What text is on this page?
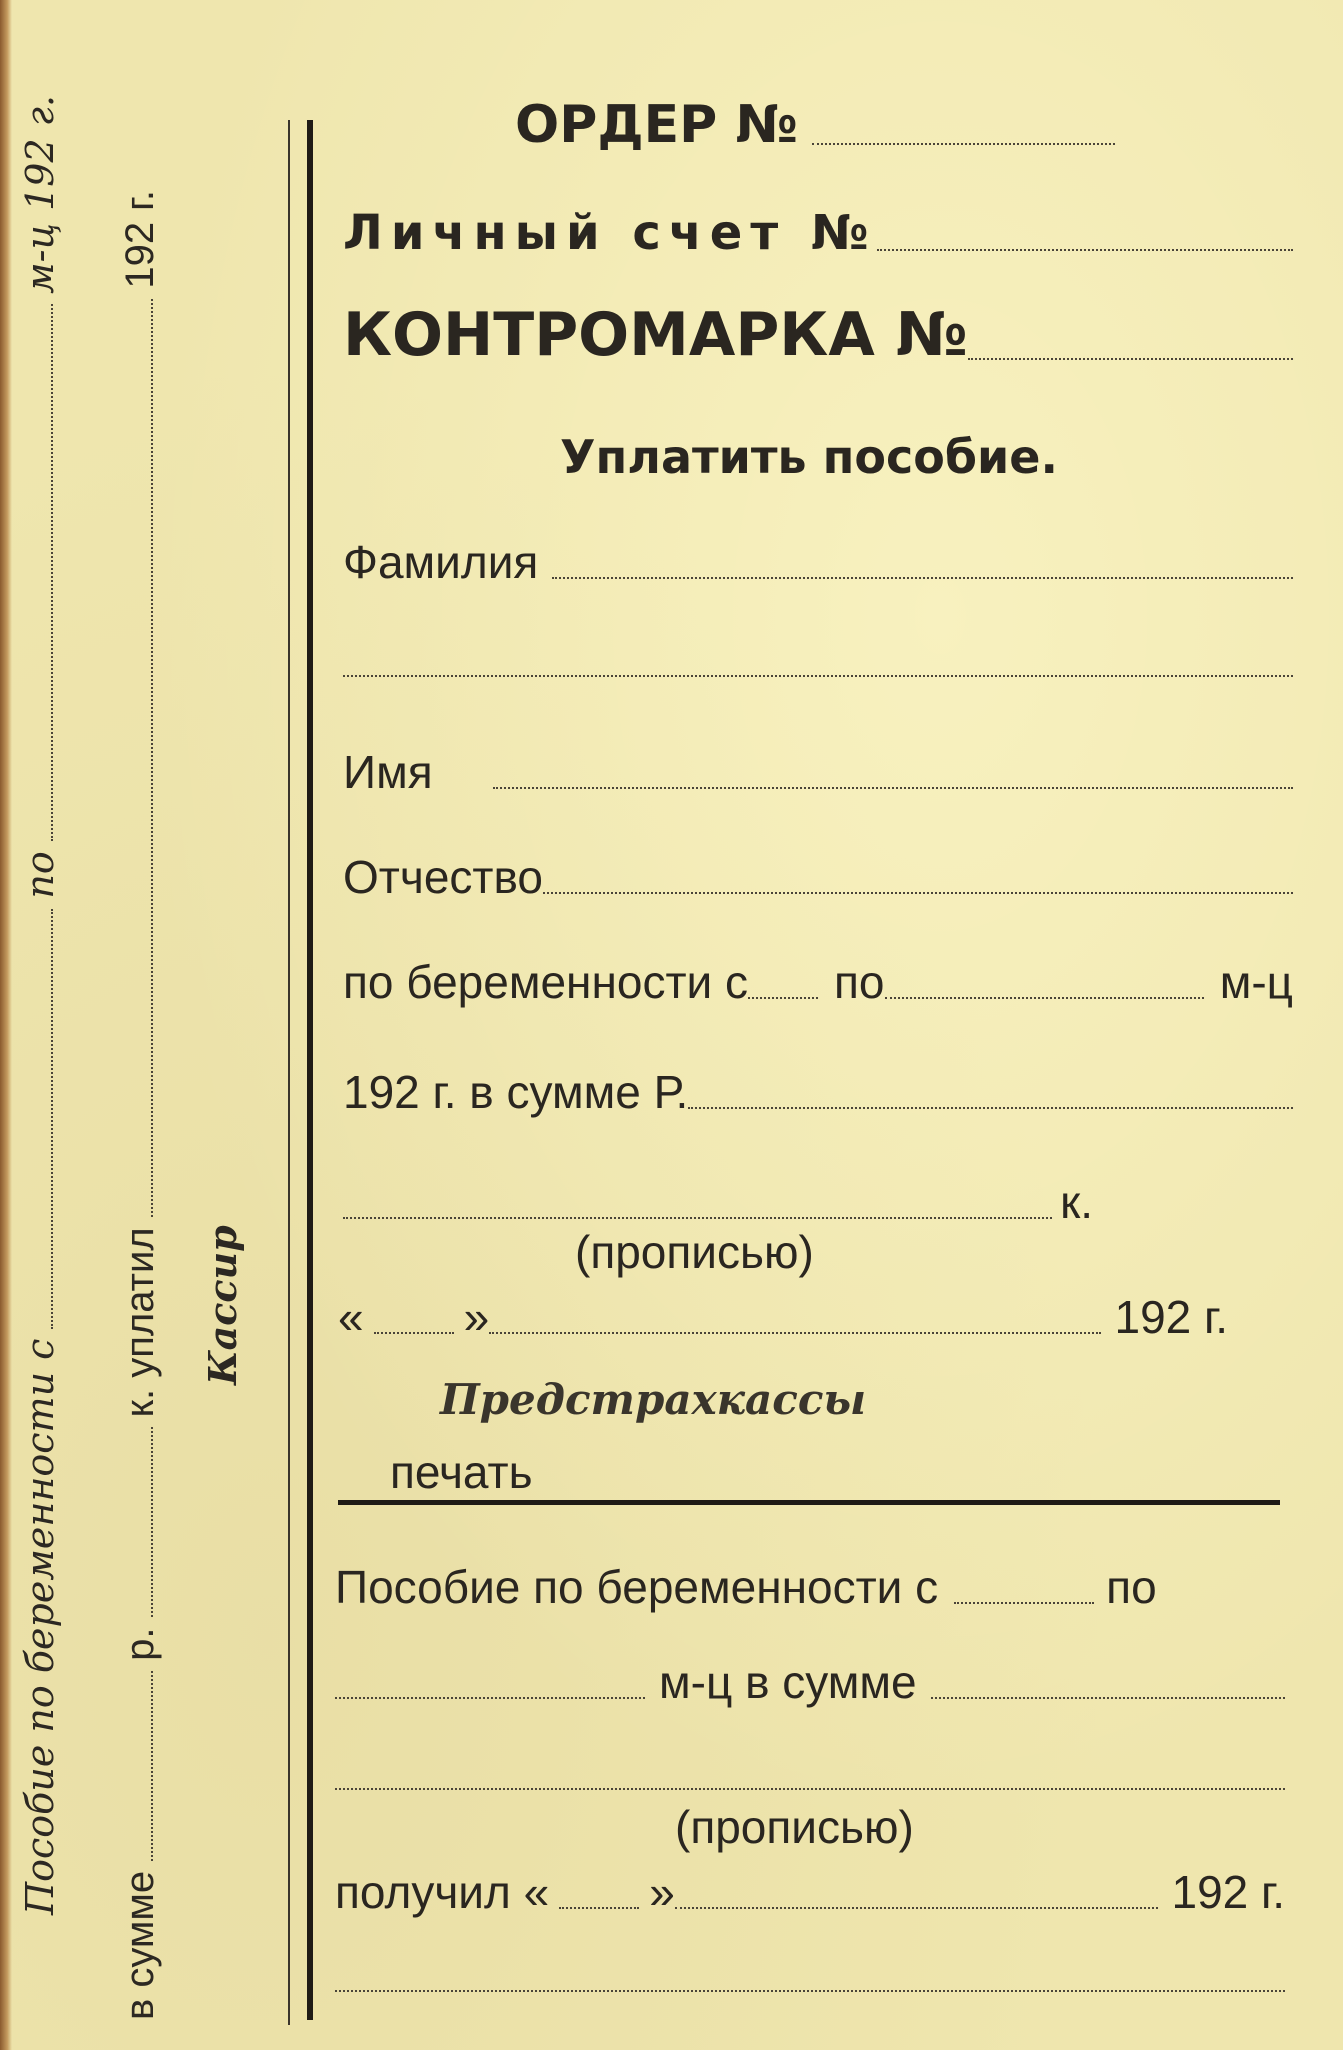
Пособие по беременности с
по
м-ц 192 г.
в сумме
р.
к. уплатил
192 г.
Кассир
ОРДЕР №
Личный счет №
КОНТРОМАРКА №
Уплатить пособие.
Фамилия
Имя
Отчество
по беременности с по	м-ц
192 г. в сумме Р.
к.
(прописью)
« »	192 г.
Предстрахкассы
печать
Пособие по беременности с	по
м-ц в сумме
(прописью)
получил « »	192 г.
